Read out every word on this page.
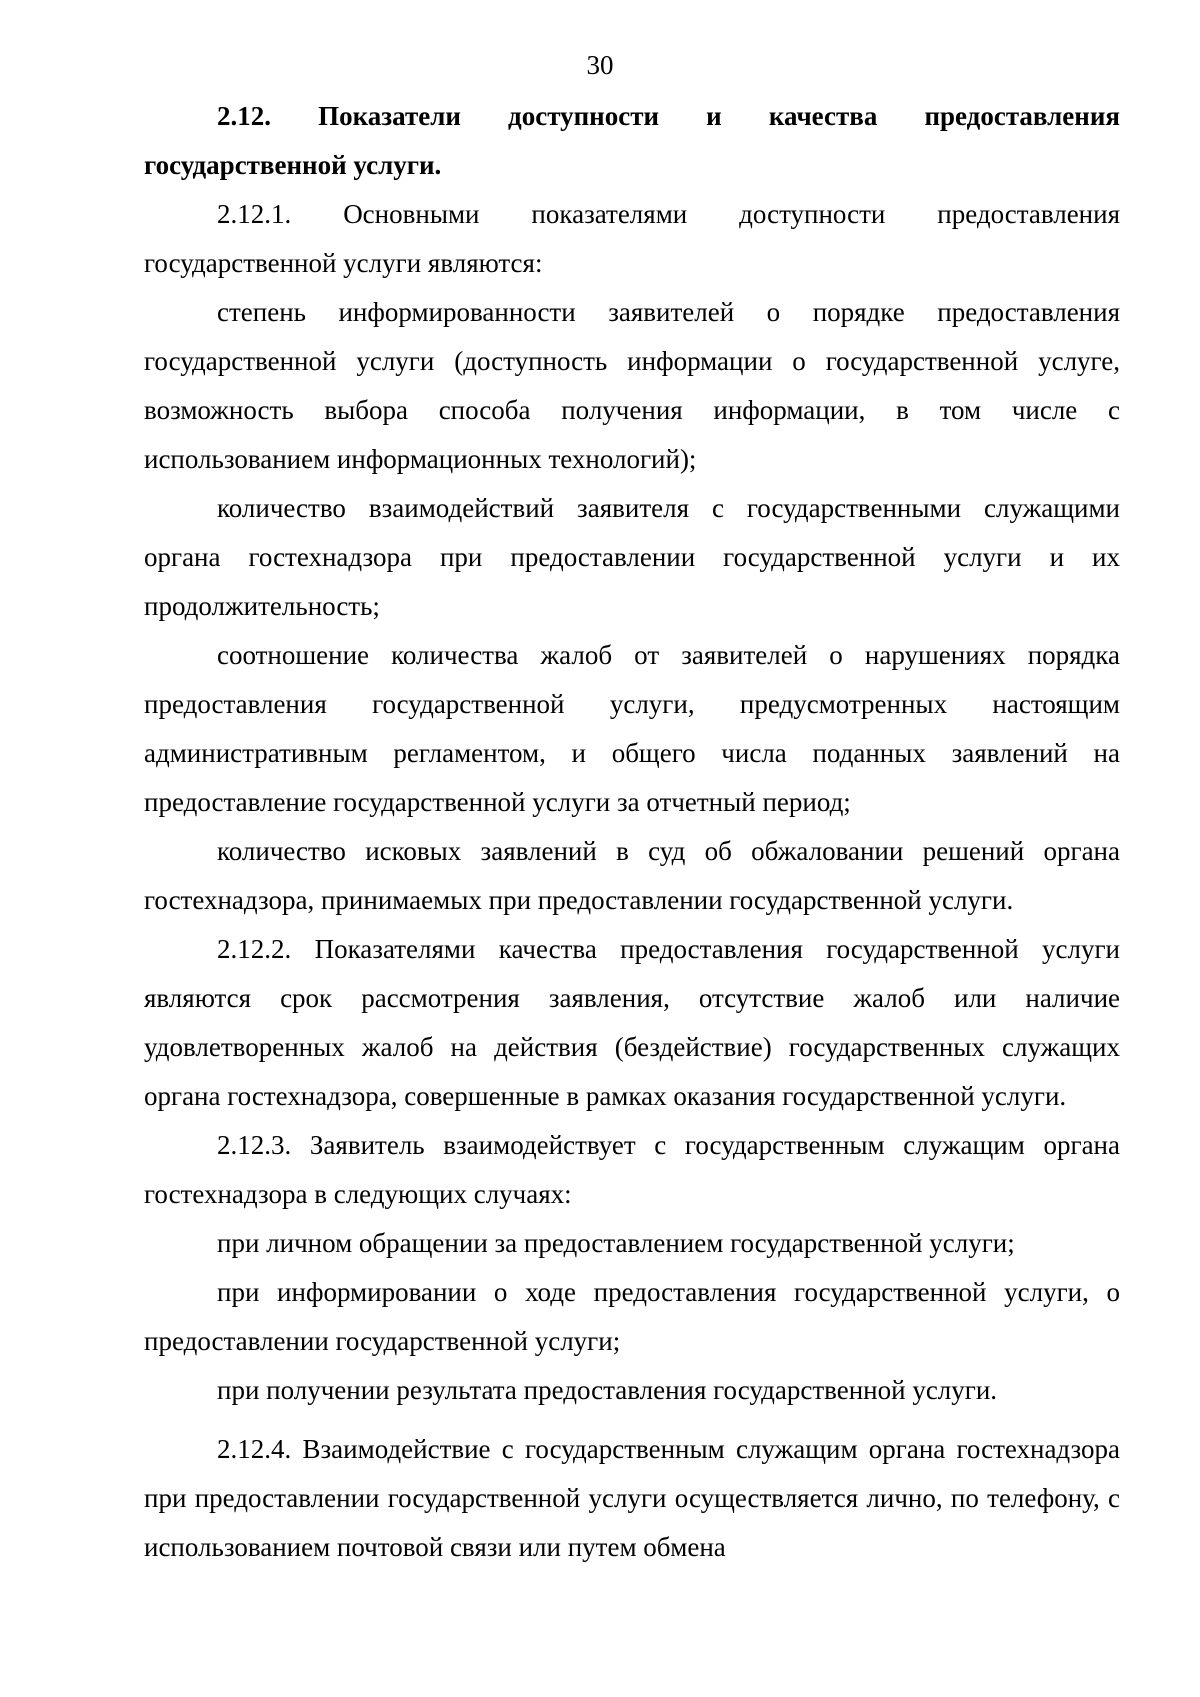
30

2.12. Показатели доступности и качества предоставления государственной услуги.

2.12.1. Основными показателями доступности предоставления государственной услуги являются:

степень информированности заявителей о порядке предоставления государственной услуги (доступность информации о государственной услуге, возможность выбора способа получения информации, в том числе с использованием информационных технологий);

количество взаимодействий заявителя с государственными служащими органа гостехнадзора при предоставлении государственной услуги и их продолжительность;

соотношение количества жалоб от заявителей о нарушениях порядка предоставления государственной услуги, предусмотренных настоящим административным регламентом, и общего числа поданных заявлений на предоставление государственной услуги за отчетный период;

количество исковых заявлений в суд об обжаловании решений органа гостехнадзора, принимаемых при предоставлении государственной услуги.

2.12.2. Показателями качества предоставления государственной услуги являются срок рассмотрения заявления, отсутствие жалоб или наличие удовлетворенных жалоб на действия (бездействие) государственных служащих органа гостехнадзора, совершенные в рамках оказания государственной услуги.

2.12.3. Заявитель взаимодействует с государственным служащим органа гостехнадзора в следующих случаях:

при личном обращении за предоставлением государственной услуги;

при информировании о ходе предоставления государственной услуги, о предоставлении государственной услуги;

при получении результата предоставления государственной услуги.

2.12.4. Взаимодействие с государственным служащим органа гостехнадзора при предоставлении государственной услуги осуществляется лично, по телефону, с использованием почтовой связи или путем обмена
